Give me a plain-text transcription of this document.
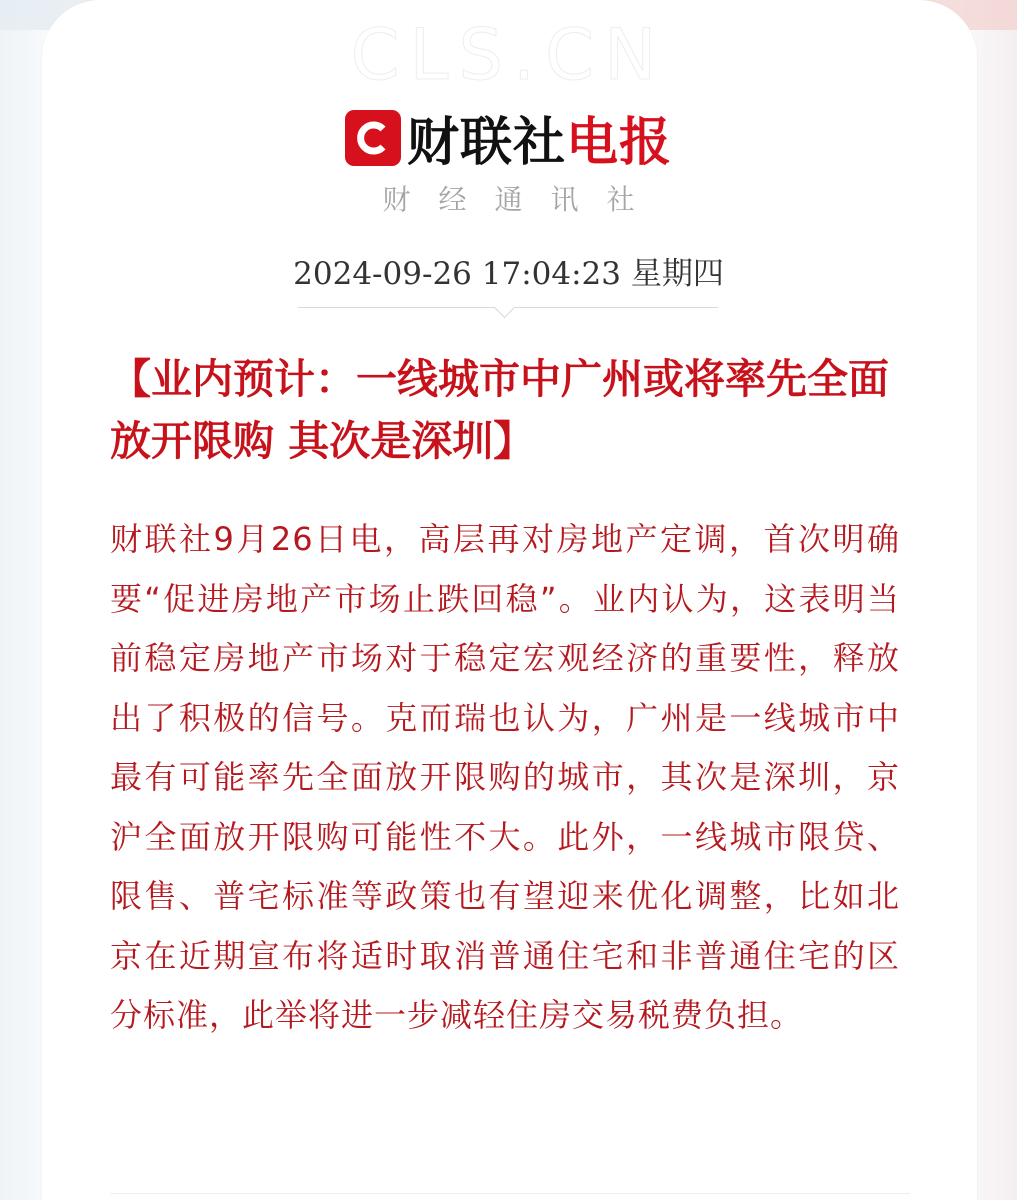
CLS.CN
财联社 电报
财经通讯社
2024-09-26 17:04:23 星期四
【业内预计：一线城市中广州或将率先全面放开限购 其次是深圳】
财联社9月26日电，高层再对房地产定调，首次明确要“促进房地产市场止跌回稳”。业内认为，这表明当前稳定房地产市场对于稳定宏观经济的重要性，释放出了积极的信号。克而瑞也认为，广州是一线城市中最有可能率先全面放开限购的城市，其次是深圳，京沪全面放开限购可能性不大。此外，一线城市限贷、限售、普宅标准等政策也有望迎来优化调整，比如北京在近期宣布将适时取消普通住宅和非普通住宅的区分标准，此举将进一步减轻住房交易税费负担。
